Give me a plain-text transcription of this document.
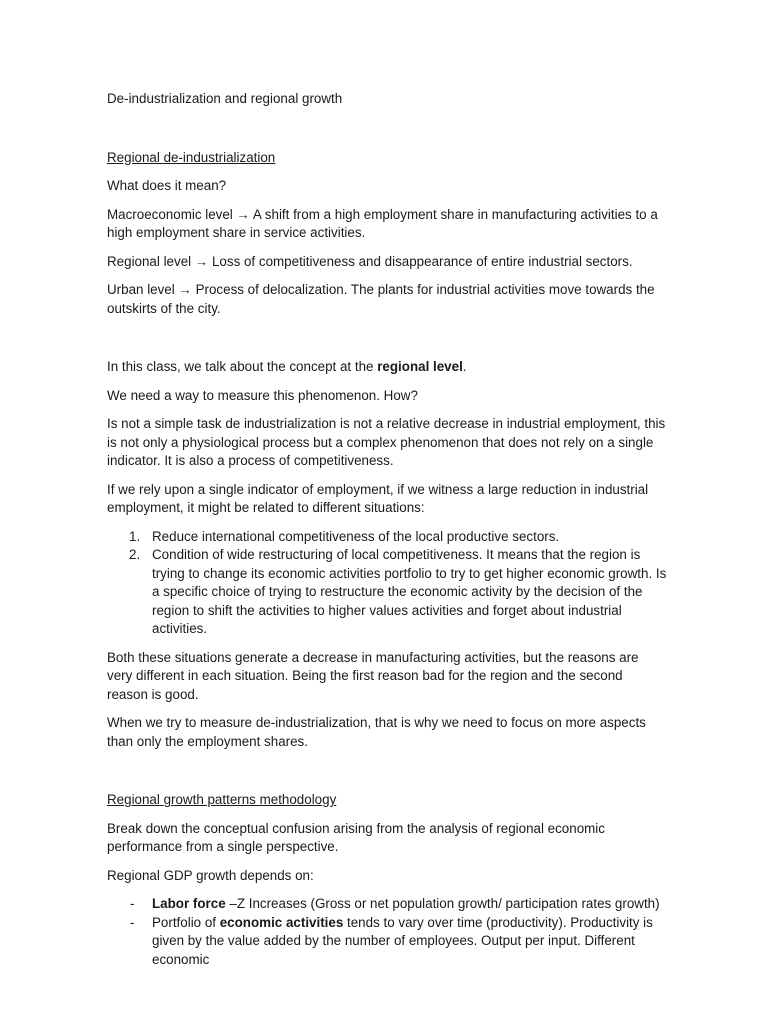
De-industrialization and regional growth

Regional de-industrialization

What does it mean?

Macroeconomic level → A shift from a high employment share in manufacturing activities to a high employment share in service activities.

Regional level → Loss of competitiveness and disappearance of entire industrial sectors.

Urban level → Process of delocalization. The plants for industrial activities move towards the outskirts of the city.

In this class, we talk about the concept at the regional level.

We need a way to measure this phenomenon. How?

Is not a simple task de industrialization is not a relative decrease in industrial employment, this is not only a physiological process but a complex phenomenon that does not rely on a single indicator. It is also a process of competitiveness.

If we rely upon a single indicator of employment, if we witness a large reduction in industrial employment, it might be related to different situations:

1. Reduce international competitiveness of the local productive sectors.
2. Condition of wide restructuring of local competitiveness. It means that the region is trying to change its economic activities portfolio to try to get higher economic growth. Is a specific choice of trying to restructure the economic activity by the decision of the region to shift the activities to higher values activities and forget about industrial activities.

Both these situations generate a decrease in manufacturing activities, but the reasons are very different in each situation. Being the first reason bad for the region and the second reason is good.

When we try to measure de-industrialization, that is why we need to focus on more aspects than only the employment shares.

Regional growth patterns methodology

Break down the conceptual confusion arising from the analysis of regional economic performance from a single perspective.

Regional GDP growth depends on:

- Labor force –Z Increases (Gross or net population growth/ participation rates growth)
- Portfolio of economic activities tends to vary over time (productivity). Productivity is given by the value added by the number of employees. Output per input. Different economic
